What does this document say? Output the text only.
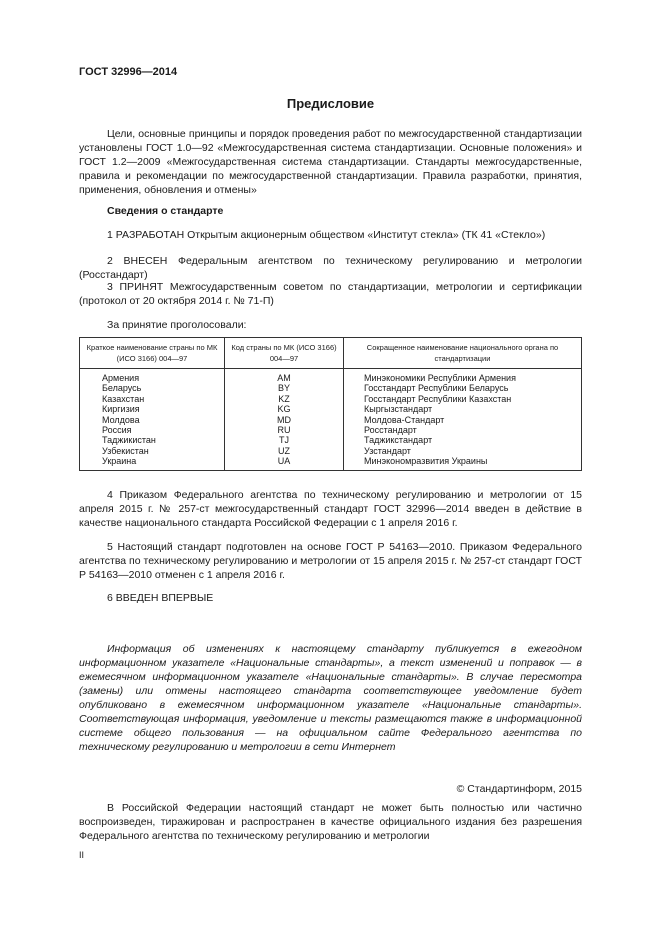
ГОСТ 32996—2014
Предисловие
Цели, основные принципы и порядок проведения работ по межгосударственной стандартизации установлены ГОСТ 1.0—92 «Межгосударственная система стандартизации. Основные положения» и ГОСТ 1.2—2009 «Межгосударственная система стандартизации. Стандарты межгосударственные, правила и рекомендации по межгосударственной стандартизации. Правила разработки, принятия, применения, обновления и отмены»
Сведения о стандарте
1 РАЗРАБОТАН Открытым акционерным обществом «Институт стекла» (ТК 41 «Стекло»)
2 ВНЕСЕН Федеральным агентством по техническому регулированию и метрологии (Росстандарт)
3 ПРИНЯТ Межгосударственным советом по стандартизации, метрологии и сертификации (протокол от 20 октября 2014 г. № 71-П)
За принятие проголосовали:
Краткое наименование страны по МК (ИСО 3166) 004—97	Код страны по МК (ИСО 3166) 004—97	Сокращенное наименование национального органа по стандартизации
Армения	AM	Минэкономики Республики Армения
Беларусь	BY	Госстандарт Республики Беларусь
Казахстан	KZ	Госстандарт Республики Казахстан
Киргизия	KG	Кыргызстандарт
Молдова	MD	Молдова-Стандарт
Россия	RU	Росстандарт
Таджикистан	TJ	Таджикстандарт
Узбекистан	UZ	Узстандарт
Украина	UA	Минэкономразвития Украины
4 Приказом Федерального агентства по техническому регулированию и метрологии от 15 апреля 2015 г. № 257-ст межгосударственный стандарт ГОСТ 32996—2014 введен в действие в качестве национального стандарта Российской Федерации с 1 апреля 2016 г.
5 Настоящий стандарт подготовлен на основе ГОСТ Р 54163—2010. Приказом Федерального агентства по техническому регулированию и метрологии от 15 апреля 2015 г. № 257-ст стандарт ГОСТ Р 54163—2010 отменен с 1 апреля 2016 г.
6 ВВЕДЕН ВПЕРВЫЕ
Информация об изменениях к настоящему стандарту публикуется в ежегодном информационном указателе «Национальные стандарты», а текст изменений и поправок — в ежемесячном информационном указателе «Национальные стандарты». В случае пересмотра (замены) или отмены настоящего стандарта соответствующее уведомление будет опубликовано в ежемесячном информационном указателе «Национальные стандарты». Соответствующая информация, уведомление и тексты размещаются также в информационной системе общего пользования — на официальном сайте Федерального агентства по техническому регулированию и метрологии в сети Интернет
© Стандартинформ, 2015
В Российской Федерации настоящий стандарт не может быть полностью или частично воспроизведен, тиражирован и распространен в качестве официального издания без разрешения Федерального агентства по техническому регулированию и метрологии
II
